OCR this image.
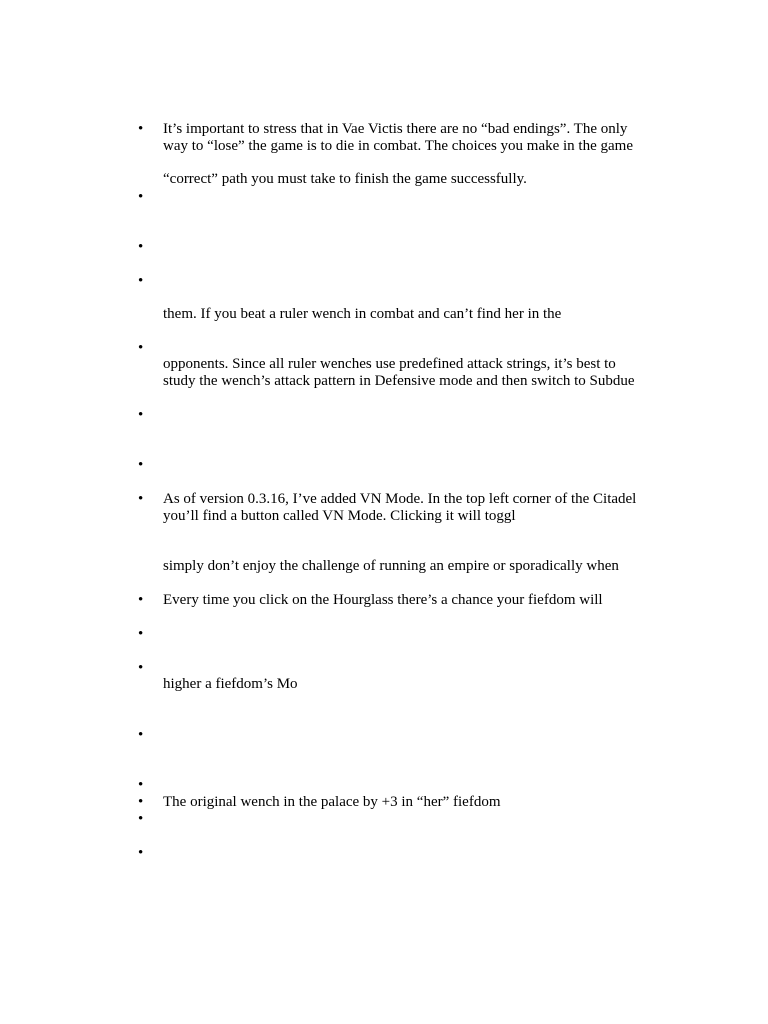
•
•
•
•
•
•
•
•
•
•
•
•
•
•
•
•
It’s important to stress that in Vae Victis there are no “bad endings”. The only
way to “lose” the game is to die in combat. The choices you make in the game
“correct” path you must take to finish the game successfully.
them. If you beat a ruler wench in combat and can’t find her in the
opponents. Since all ruler wenches use predefined attack strings, it’s best to
study the wench’s attack pattern in Defensive mode and then switch to Subdue
As of version 0.3.16, I’ve added VN Mode. In the top left corner of the Citadel
you’ll find a button called VN Mode. Clicking it will toggl
simply don’t enjoy the challenge of running an empire or sporadically when
Every time you click on the Hourglass there’s a chance your fiefdom will
higher a fiefdom’s Mo
The original wench in the palace by +3 in “her” fiefdom
